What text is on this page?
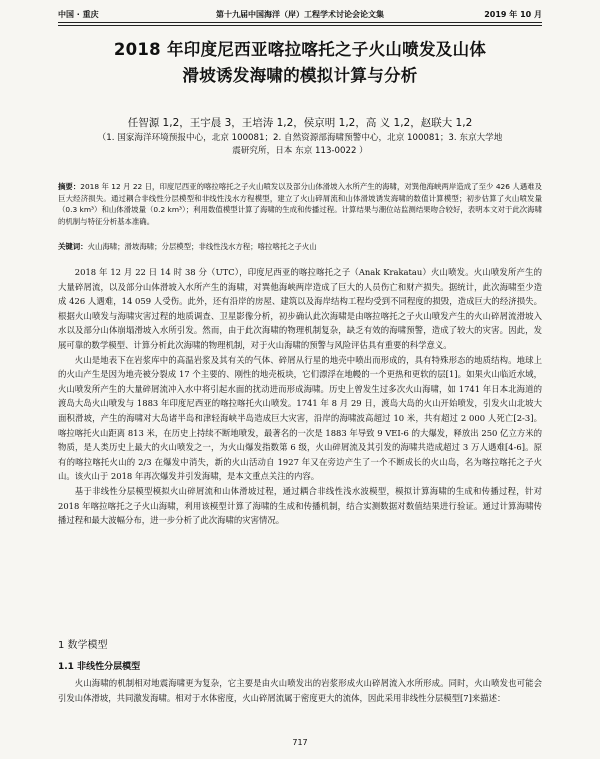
中国 · 重庆	第十九届中国海洋（岸）工程学术讨论会论文集	2019 年 10 月
2018 年印度尼西亚喀拉喀托之子火山喷发及山体
滑坡诱发海啸的模拟计算与分析
任智源 1,2，王宇晨 3，王培涛 1,2，侯京明 1,2，高 义 1,2，赵联大 1,2
（1. 国家海洋环境预报中心，北京 100081；2. 自然资源部海啸预警中心，北京 100081；3. 东京大学地
震研究所，日本 东京 113-0022 ）
摘要：2018 年 12 月 22 日，印度尼西亚的喀拉喀托之子火山喷发以及部分山体滑坡入水所产生的海啸，对巽他海峡两岸造成了至少 426 人遇难及巨大经济损失。通过耦合非线性分层模型和非线性浅水方程模型，建立了火山碎屑流和山体滑坡诱发海啸的数值计算模型；初步估算了火山喷发量（0.3 km³）和山体滑坡量（0.2 km³）；利用数值模型计算了海啸的生成和传播过程。计算结果与潮位站监测结果吻合较好，表明本文对于此次海啸的机制与特征分析基本准确。
关键词：火山海啸；滑坡海啸；分层模型；非线性浅水方程；喀拉喀托之子火山

2018 年 12 月 22 日 14 时 38 分（UTC），印度尼西亚的喀拉喀托之子（Anak Krakatau）火山喷发。火山喷发所产生的大量碎屑流，以及部分山体滑坡入水所产生的海啸，对巽他海峡两岸造成了巨大的人员伤亡和财产损失。据统计，此次海啸至少造成 426 人遇难，14 059 人受伤。此外，还有沿岸的房屋、建筑以及海岸结构工程均受到不同程度的损毁，造成巨大的经济损失。根据火山喷发与海啸灾害过程的地质调查、卫星影像分析，初步确认此次海啸是由喀拉喀托之子火山喷发产生的火山碎屑流滑坡入水以及部分山体崩塌滑坡入水所引发。然而，由于此次海啸的物理机制复杂，缺乏有效的海啸预警，造成了较大的灾害。因此，发展可靠的数学模型、计算分析此次海啸的物理机制，对于火山海啸的预警与风险评估具有重要的科学意义。

火山是地表下在岩浆库中的高温岩浆及其有关的气体、碎屑从行星的地壳中喷出而形成的，具有特殊形态的地质结构。地球上的火山产生是因为地壳被分裂成 17 个主要的、刚性的地壳板块，它们漂浮在地幔的一个更热和更软的层[1]。如果火山临近水域，火山喷发所产生的大量碎屑流冲入水中将引起水面的扰动进而形成海啸。历史上曾发生过多次火山海啸，如 1741 年日本北海道的渡岛大岛火山喷发与 1883 年印度尼西亚的喀拉喀托火山喷发。1741 年 8 月 29 日，渡岛大岛的火山开始喷发，引发火山北坡大面积滑坡，产生的海啸对大岛诸半岛和津轻海峡半岛造成巨大灾害，沿岸的海啸波高超过 10 米，共有超过 2 000 人死亡[2-3]。喀拉喀托火山距离 813 米，在历史上持续不断地喷发，最著名的一次是 1883 年导致 9 VEI-6 的大爆发，释放出 250 亿立方米的物质，是人类历史上最大的火山喷发之一，为火山爆发指数第 6 级，火山碎屑流及其引发的海啸共造成超过 3 万人遇难[4-6]。原有的喀拉喀托火山的 2/3 在爆发中消失，新的火山活动自 1927 年又在旁边产生了一个不断成长的火山岛，名为喀拉喀托之子火山。该火山于 2018 年再次爆发并引发海啸，是本文重点关注的内容。

基于非线性分层模型模拟火山碎屑流和山体滑坡过程，通过耦合非线性浅水波模型，模拟计算海啸的生成和传播过程，针对 2018 年喀拉喀托之子火山海啸，利用该模型计算了海啸的生成和传播机制，结合实测数据对数值结果进行验证。通过计算海啸传播过程和最大波幅分布，进一步分析了此次海啸的灾害情况。

1 数学模型
1.1 非线性分层模型

火山海啸的机制相对地震海啸更为复杂，它主要是由火山喷发出的岩浆形成火山碎屑流入水所形成。同时，火山喷发也可能会引发山体滑坡，共同激发海啸。相对于水体密度，火山碎屑流属于密度更大的流体，因此采用非线性分层模型[7]来描述：

717
